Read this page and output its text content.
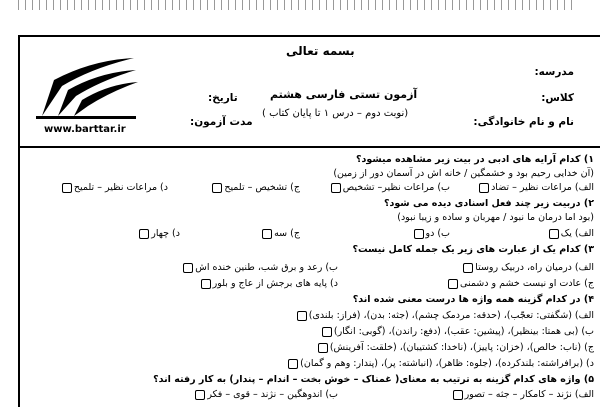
www.barttar.ir
بسمه تعالی
مدرسه:
کلاس:
نام و نام خانوادگی:
آزمون تستی فارسی هشتم
(نوبت دوم – درس ۱ تا پایان کتاب )
تاریخ:
مدت آزمون:
۱) کدام آرایه های ادبی در بیت زیر مشاهده میشود؟
(آن خدایی رحیم بود و خشمگین / خانه اش در آسمان دور از زمین)
الف) مراعات نظیر – تضاد
ب) مراعات نظیر– تشخیص
ج) تشخیص – تلمیح
د) مراعات نظیر – تلمیح
۲) دربیت زیر چند فعل اسنادی دیده می شود؟
(بود اما درمان ما نبود / مهربان و ساده و زیبا نبود)
الف) یک
ب) دو
ج) سه
د) چهار
۳) کدام یک از عبارت های زیر یک جمله کامل نیست؟
الف) درمیان راه، دربیک روستا
ب) رعد و برق شب، طنین خنده اش
ج) عادت او نیست خشم و دشمنی
د) پایه های برجش از عاج و بلور
۴) در کدام گزینه همه واژه ها درست معنی شده اند؟
الف) (شگفتی: تعجّب)، (حدقه: مردمک چشم)، (جثه: بدن)، (فراز: بلندی)
ب) (بی همتا: بینظیر)، (پیشین: عقب)، (دفع: راندن)، (گوبی: انگار)
ج) (ناب: خالص)، (خزان: پاییز)، (ناخدا: کشتیبان)، (خلقت: آفرینش)
د) (برافراشته: بلندکرده)، (جلوه: ظاهر)، (انباشته: پر)، (پندار: وهم و گمان)
۵) واژه های کدام گزینه به ترتیب به معنای( غمناک – خوش بخت – اندام – پندار) به کار رفته اند؟
الف) نژند – کامکار – جثه – تصور
ب) اندوهگین – نژند – قوی – فکر
